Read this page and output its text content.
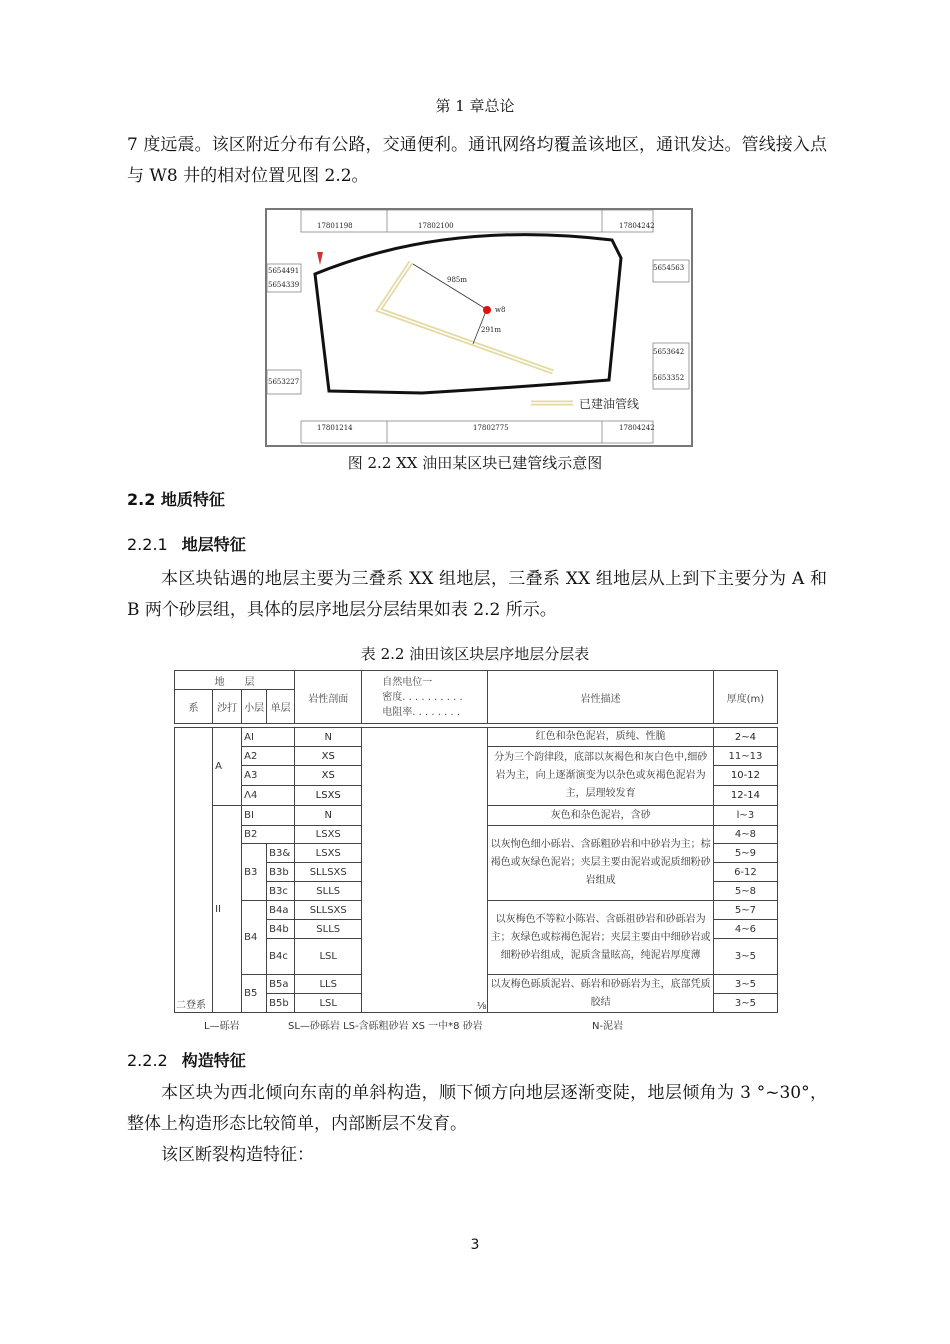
第 1 章总论
7 度远震。该区附近分布有公路，交通便利。通讯网络均覆盖该地区，通讯发达。管线接入点与 W8 井的相对位置见图 2.2。
17801198	17802100	17804242
17801214	17802775	17804242
5654491
5654339
5653227
5654563
5653642
5653352
985m
291m
w8
已建油管线
图 2.2 XX 油田某区块已建管线示意图
2.2 地质特征
2.2.1 地层特征
本区块钻遇的地层主要为三叠系 XX 组地层，三叠系 XX 组地层从上到下主要分为 A 和 B 两个砂层组，具体的层序地层分层结果如表 2.2 所示。
表 2.2 油田该区块层序地层分层表
地　　层				岩性剖面	自然电位一
密度. . . . . . . . . .
电阻率. . . . . . . .	岩性描述	厚度(m)
系	沙打	小层	单层				

二登系	A	AI		N	⅛	红色和杂色泥岩，质纯、性脆	2~4
		A2		XS		分为三个韵律段，底部以灰褐色和灰白色中,细砂岩为主，向上逐渐演变为以杂色或灰褐色泥岩为主，层理较发育	11~13
		A3		XS			10-12
		Λ4		LSXS			12-14
	II	BI		N		灰色和杂色泥岩，含砂	l~3
		B2		LSXS		以灰恂色细小砾岩、含砾粗砂岩和中砂岩为主；棕褐色或灰绿色泥岩；夹层主要由泥岩或泥质细粉砂岩组成	4~8
		B3	B3&	LSXS			5~9
			B3b	SLLSXS			6-12
			B3c	SLLS			5~8
		B4	B4a	SLLSXS		以灰梅色不等粒小陈岩、含砾祖砂岩和砂砾岩为主；灰绿色或棕褐色泥岩；夹层主要由中细砂岩或细粉砂岩组成，泥质含量眩高，纯泥岩厚度薄	5~7
			B4b	SLLS			4~6
			B4c	LSL			3~5
		B5	B5a	LLS		以友梅色砾质泥岩、砾岩和砂砾岩为主，底部凭质胶结	3~5
			B5b	LSL			3~5
L—砾岩	SL—砂砾岩 LS-含砾粗砂岩 XS 一中*8 砂岩	N-泥岩
2.2.2 构造特征
本区块为西北倾向东南的单斜构造，顺下倾方向地层逐渐变陡，地层倾角为 3 °~30°，整体上构造形态比较简单，内部断层不发育。
该区断裂构造特征：
3
